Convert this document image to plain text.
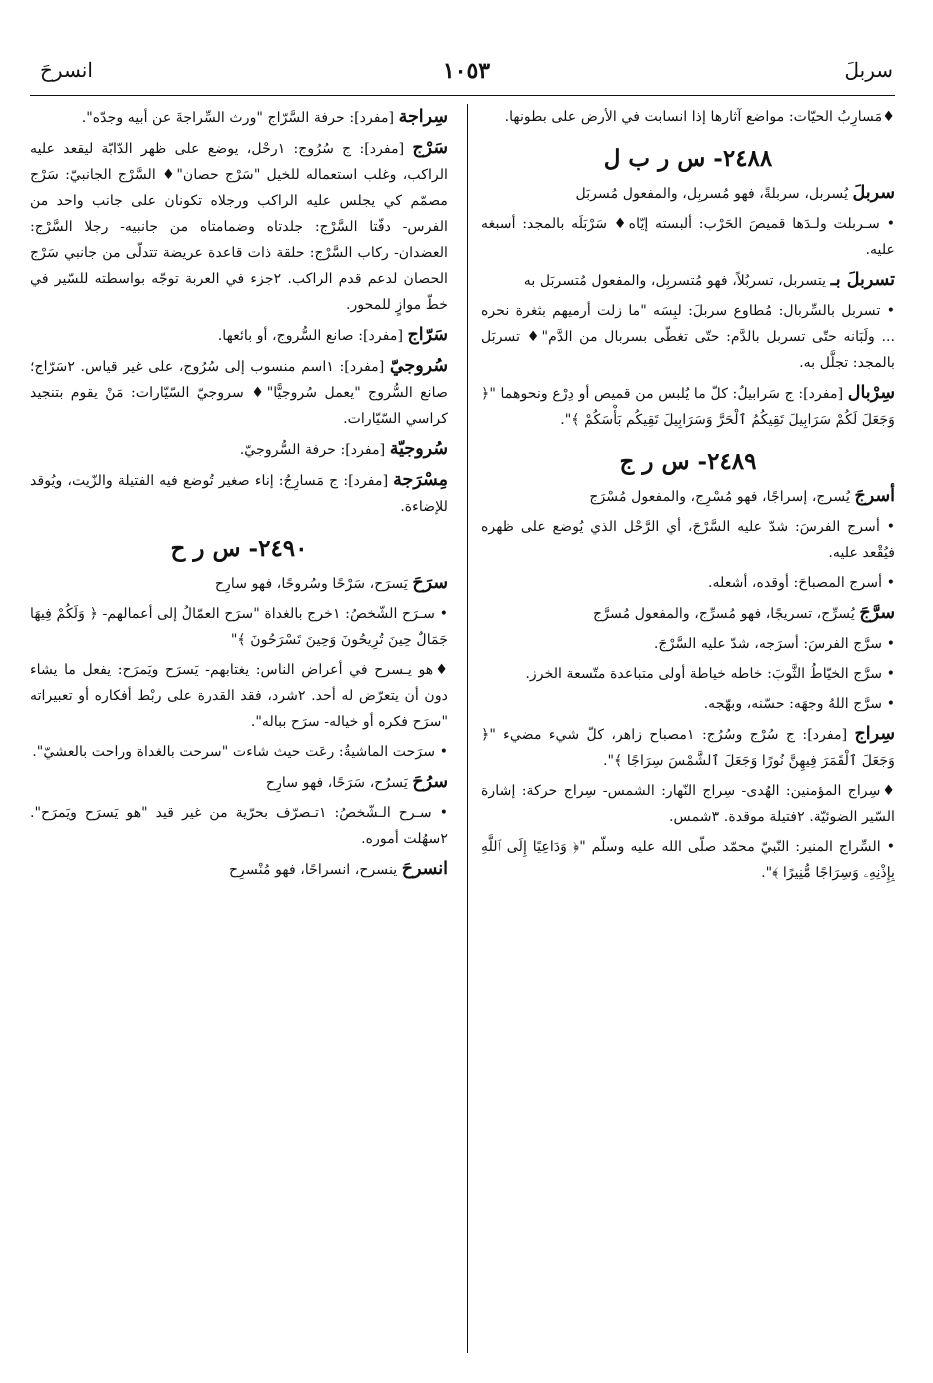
سربلَ
١٠٥٣
انسرحَ
♦مَسارِبُ الحيّات: مواضع آثارها إذا انسابت في الأرض على بطونها.
٢٤٨٨- س ر ب ل
سربلَ يُسربل، سربلةً، فهو مُسربِل، والمفعول مُسربَل
• سـربلت ولـدَها قميصَ الحَرْب: ألبسته إيّاه♦ سَرْبَلَه بالمجد: أسبغه عليه.
تسربلَ بـ يتسربل، تسربُلاً، فهو مُتسربِل، والمفعول مُتسربَل به
• تسربل بالسِّربال: مُطاوع سربلَ: لبِسَه "ما زلت أرميهم بثغرة نحره ... ولَبَانه حتّى تسربل بالدَّم: حتّى تغطّى بسربال من الدَّم"♦ تسربَل بالمجد: تجلَّل به.
سِرْبال [مفرد]: ج سَرابيلُ: كلّ ما يُلبس من قميص أو دِرْع ونحوهما "﴿ وَجَعَلَ لَكُمْ سَرَابِيلَ تَقِيكُمُ ٱلْحَرَّ وَسَرَابِيلَ تَقِيكُم بَأْسَكُمْ ﴾".
٢٤٨٩- س ر ج
أسرجَ يُسرج، إسراجًا، فهو مُسْرِج، والمفعول مُسْرَج
• أسرج الفرسَ: شدّ عليه السَّرْجَ، أي الرَّحْل الذي يُوضع على ظهره فيُقْعد عليه.
• أسرج المصباحَ: أوقده، أشعله.
سرَّجَ يُسرِّج، تسريجًا، فهو مُسرِّج، والمفعول مُسرَّج
• سرَّج الفرسَ: أسرَجه، شدّ عليه السَّرْجَ.
• سرَّج الخيّاطُ الثَّوبَ: خاطه خياطة أولى متباعدة متّسعة الخرز.
• سرَّج اللهُ وجهَه: حسّنه، وبهّجه.
سِراج [مفرد]: ج سُرْج وسُرُج: ١مصباح زاهر، كلّ شيء مضيء "﴿ وَجَعَلَ ٱلْقَمَرَ فِيهِنَّ نُورًا وَجَعَلَ ٱلشَّمْسَ سِرَاجًا ﴾".
♦سِراج المؤمنين: الهُدى- سِراج النّهار: الشمس- سِراج حركة: إشارة السّير الضوئيّة. ٢فتيلة موقدة. ٣شمس.
• السِّراج المنير: النّبيّ محمّد صلّى الله عليه وسلّم "﴿ وَدَاعِيًا إِلَى ٱللَّهِ بِإِذْنِهِۦ وَسِرَاجًا مُّنِيرًا ﴾".
سِراجة [مفرد]: حرفة السَّرّاج "ورث السِّراجةَ عن أبيه وجدّه".
سَرْج [مفرد]: ج سُرُوج: ١رحْل، يوضع على ظهر الدّابّة ليقعد عليه الراكب، وغلب استعماله للخيل "سَرْج حصان"♦ السَّرْج الجانبيّ: سَرْج مصمّم كي يجلس عليه الراكب ورجلاه تكونان على جانب واحد من الفرس- دفّتا السَّرْج: جلدتاه وضمامتاه من جانبيه- رجلا السَّرْج: العضدان- ركاب السَّرْج: حلقة ذات قاعدة عريضة تتدلّى من جانبي سَرْج الحصان لدعم قدم الراكب. ٢جزء في العربة توجّه بواسطته للسّير في خطّ موازٍ للمحور.
سَرّاج [مفرد]: صانع السُّروج، أو بائعها.
سُروجيّ [مفرد]: ١اسم منسوب إلى سُرُوج، على غير قياس. ٢سَرّاج؛ صانع السُّروج "يعمل سُروجيًّا"♦ سروجيّ السّيّارات: مَنْ يقوم بتنجيد كراسي السّيّارات.
سُروجيّة [مفرد]: حرفة السُّروجيّ.
مِسْرَجة [مفرد]: ج مَسارِجُ: إناء صغير تُوضع فيه الفتيلة والزّيت، ويُوقد للإضاءة.
٢٤٩٠- س ر ح
سرَحَ يَسرَح، سَرْحًا وسُروحًا، فهو سارِح
• سـرَح الشّخصُ: ١خرج بالغداة "سرَح العمّالُ إلى أعمالهم- ﴿ وَلَكُمْ فِيهَا جَمَالٌ حِينَ تُرِيحُونَ وَحِينَ تَسْرَحُونَ ﴾"
♦هو يـسرح في أعراض الناس: يغتابهم- يَسرَح ويَمرَح: يفعل ما يشاء دون أن يتعرّض له أحد. ٢شرد، فقد القدرة على ربْط أفكاره أو تعبيراته "سرَح فكره أو خياله- سرَح بباله".
• سرَحت الماشيةُ: رعَت حيث شاءت "سرحت بالغداة وراحت بالعشيّ".
سرُحَ يَسرُح، سَرَحًا، فهو سارِح
• سـرح الـشّخصُ: ١تـصرّف بحرّية من غير قيد "هو يَسرَح ويَمرَح". ٢سهُلت أموره.
انسرحَ ينسرح، انسراحًا، فهو مُنْسرِح
